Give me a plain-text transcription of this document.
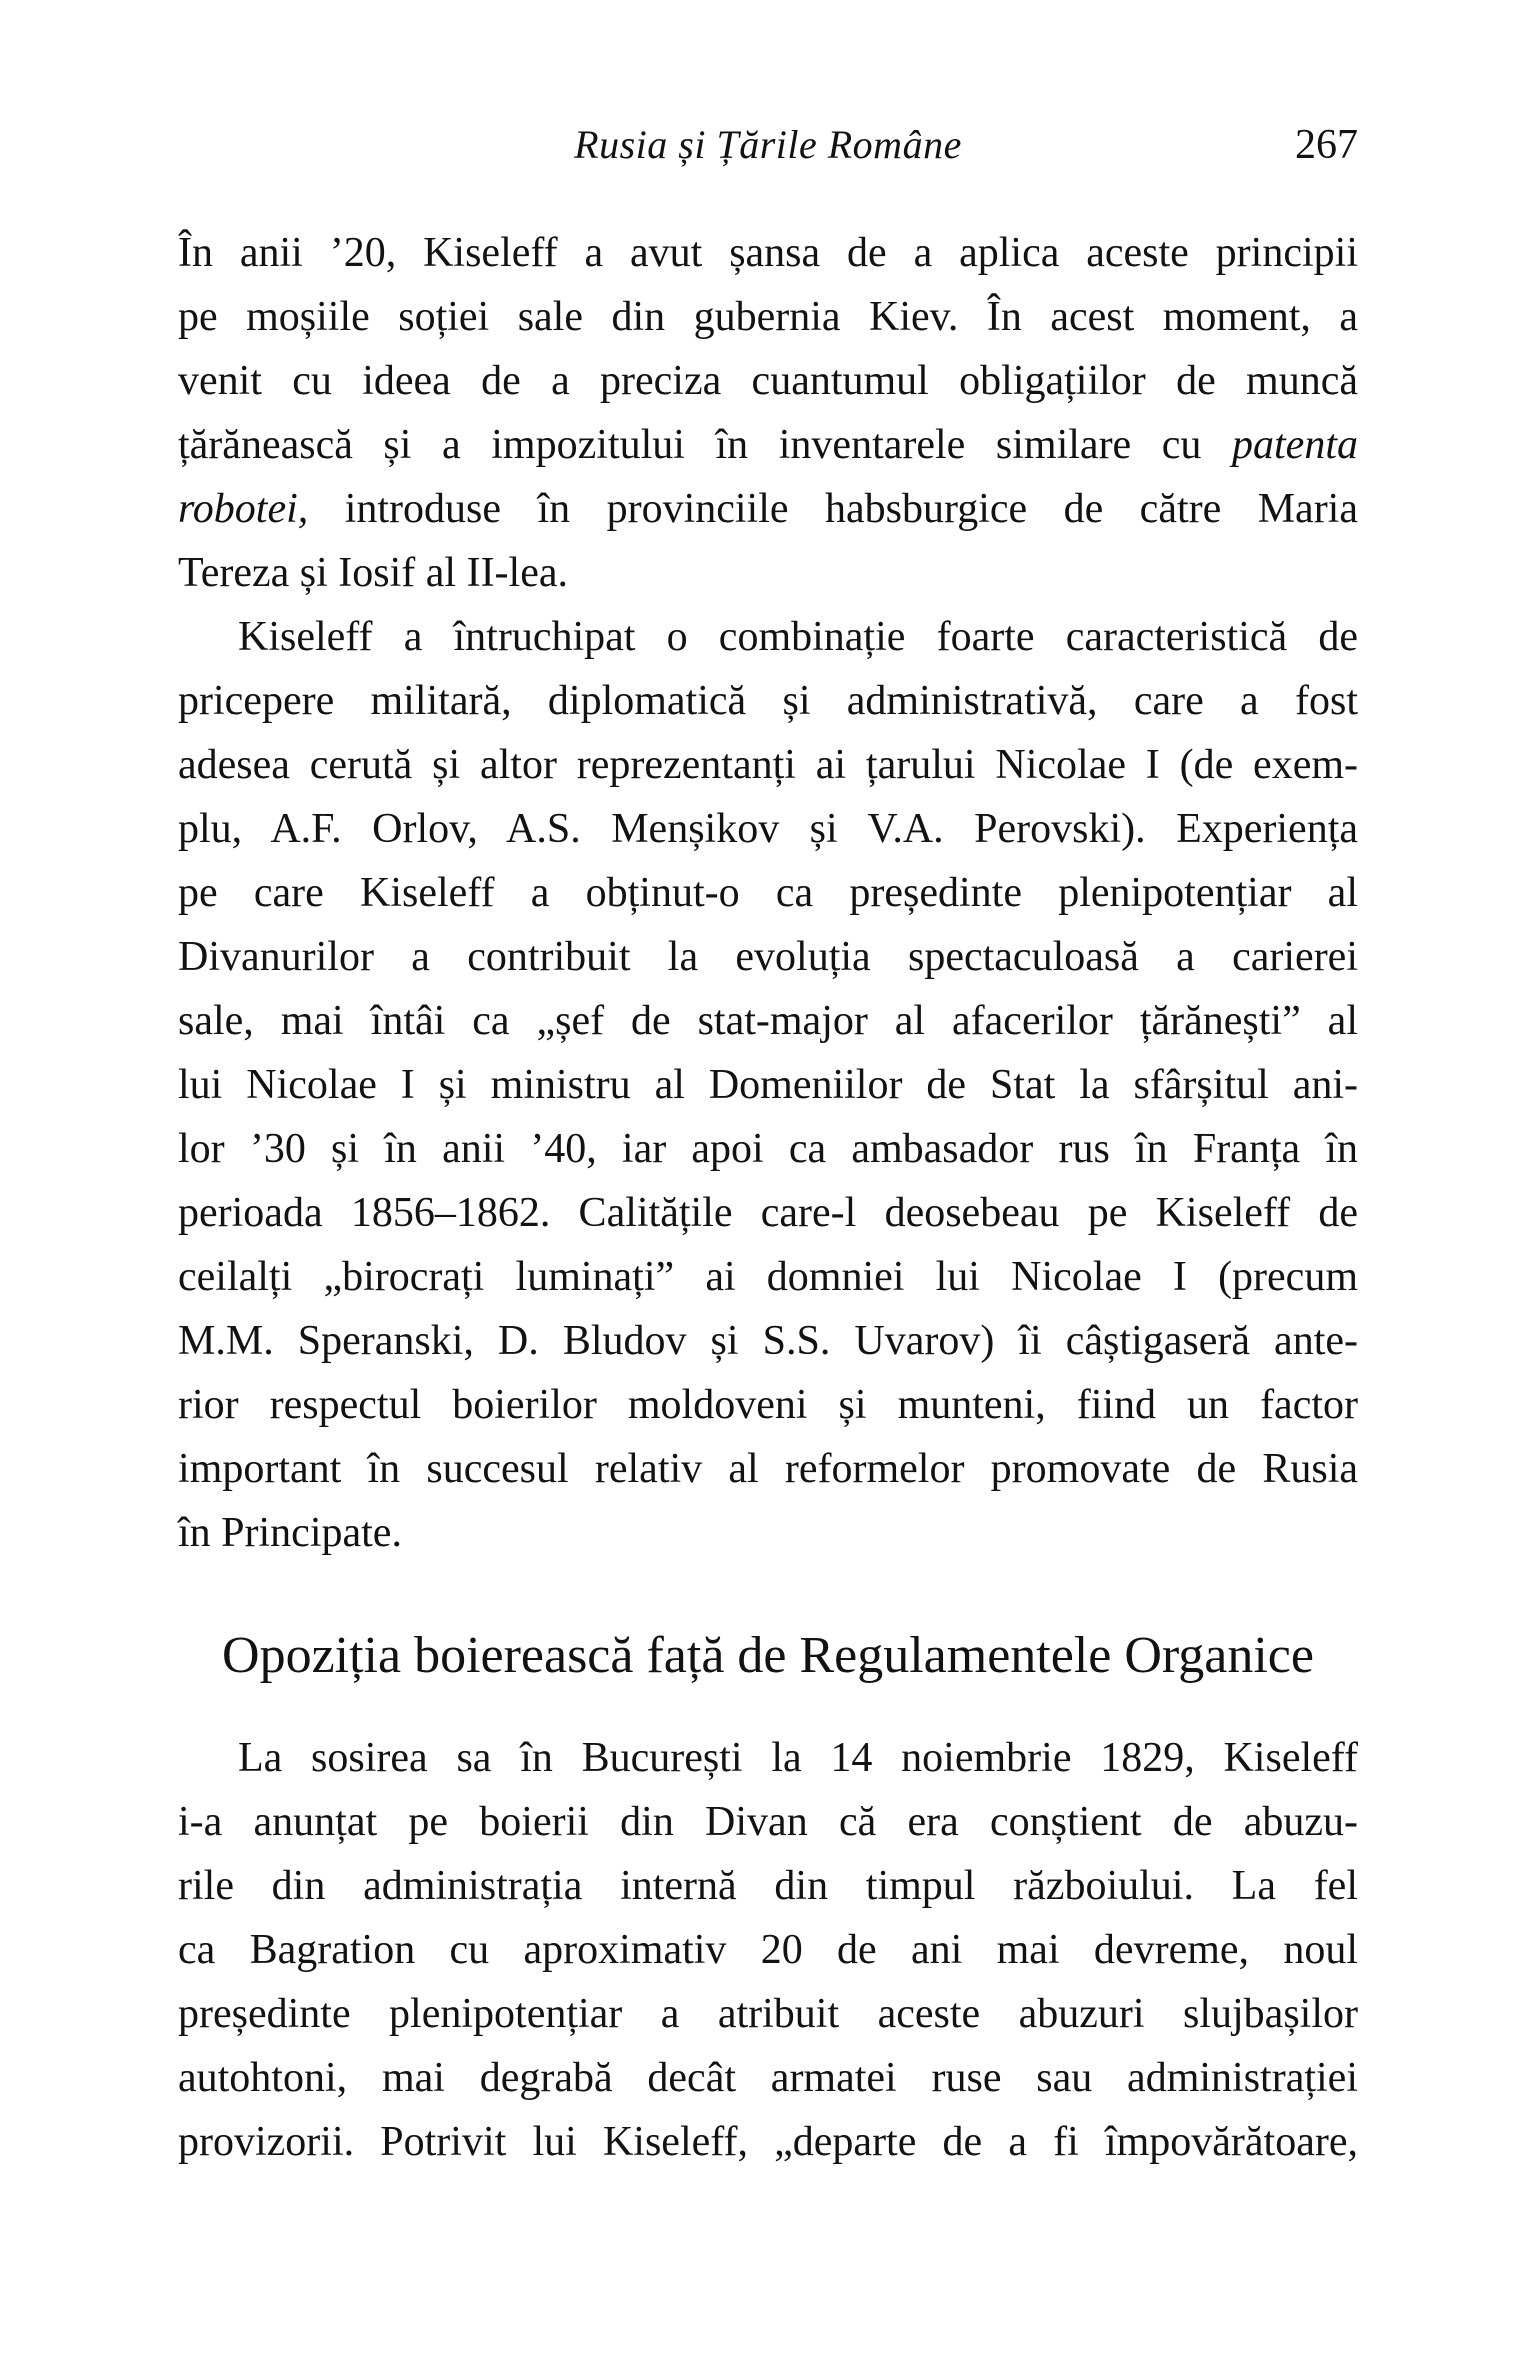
Rusia și Țările Române	267
În anii ’20, Kiseleff a avut șansa de a aplica aceste principii
pe moșiile soției sale din gubernia Kiev. În acest moment, a
venit cu ideea de a preciza cuantumul obligațiilor de muncă
țărănească și a impozitului în inventarele similare cu patenta
robotei, introduse în provinciile habsburgice de către Maria
Tereza și Iosif al II-lea.
Kiseleff a întruchipat o combinație foarte caracteristică de
pricepere militară, diplomatică și administrativă, care a fost
adesea cerută și altor reprezentanți ai țarului Nicolae I (de exem-
plu, A.F. Orlov, A.S. Menșikov și V.A. Perovski). Experiența
pe care Kiseleff a obținut-o ca președinte plenipotențiar al
Divanurilor a contribuit la evoluția spectaculoasă a carierei
sale, mai întâi ca „șef de stat-major al afacerilor țărănești” al
lui Nicolae I și ministru al Domeniilor de Stat la sfârșitul ani-
lor ’30 și în anii ’40, iar apoi ca ambasador rus în Franța în
perioada 1856–1862. Calitățile care-l deosebeau pe Kiseleff de
ceilalți „birocrați luminați” ai domniei lui Nicolae I (precum
M.M. Speranski, D. Bludov și S.S. Uvarov) îi câștigaseră ante-
rior respectul boierilor moldoveni și munteni, fiind un factor
important în succesul relativ al reformelor promovate de Rusia
în Principate.
Opoziția boierească față de Regulamentele Organice
La sosirea sa în București la 14 noiembrie 1829, Kiseleff
i-a anunțat pe boierii din Divan că era conștient de abuzu-
rile din administrația internă din timpul războiului. La fel
ca Bagration cu aproximativ 20 de ani mai devreme, noul
președinte plenipotențiar a atribuit aceste abuzuri slujbașilor
autohtoni, mai degrabă decât armatei ruse sau administrației
provizorii. Potrivit lui Kiseleff, „departe de a fi împovărătoare,
